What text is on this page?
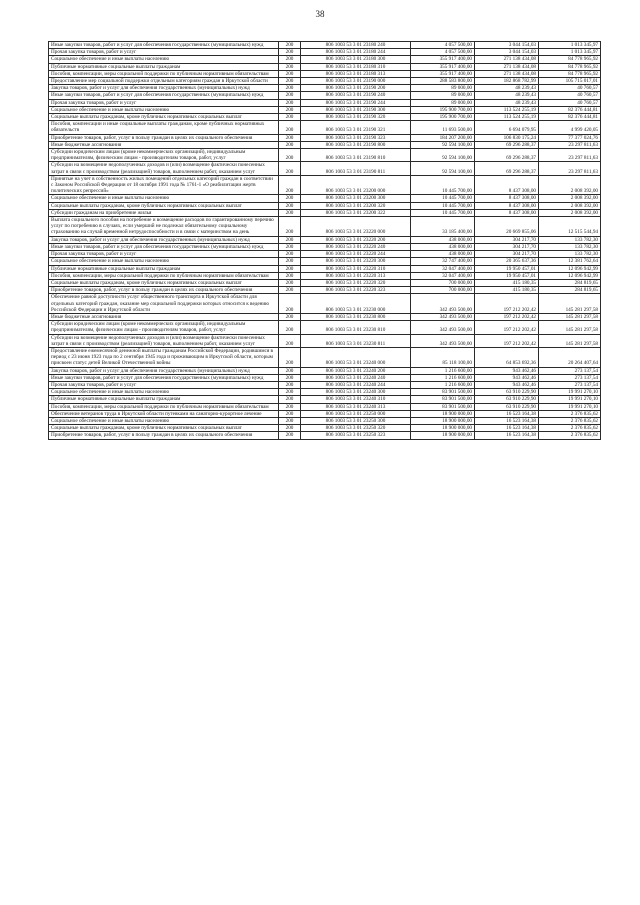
38
Иные закупки товаров, работ и услуг для обеспечения государственных (муниципальных) нужд	200	806 1003 53 3 01 23180 240	4 057 500,00	3 044 154,03	1 013 345,97
Прочая закупка товаров, работ и услуг	200	806 1003 53 3 01 23180 244	4 057 500,00	3 044 154,03	1 013 345,97
Социальное обеспечение и иные выплаты населению	200	806 1003 53 3 01 23180 300	355 917 400,00	271 138 434,08	84 778 965,92
Публичные нормативные социальные выплаты гражданам	200	806 1003 53 3 01 23180 310	355 917 400,00	271 138 434,08	84 778 965,92
Пособия, компенсации, меры социальной поддержки по публичным нормативным обязательствам	200	806 1003 53 3 01 23180 313	355 917 400,00	271 138 434,08	84 778 965,92
Предоставление мер социальной поддержки отдельным категориям граждан в Иркутской области	200	806 1003 53 3 01 23190 000	288 583 800,00	182 868 782,99	105 715 017,01
Закупка товаров, работ и услуг для обеспечения государственных (муниципальных) нужд	200	806 1003 53 3 01 23190 200	89 000,00	48 239,43	40 760,57
Иные закупки товаров, работ и услуг для обеспечения государственных (муниципальных) нужд	200	806 1003 53 3 01 23190 240	89 000,00	48 239,43	40 760,57
Прочая закупка товаров, работ и услуг	200	806 1003 53 3 01 23190 244	89 000,00	48 239,43	40 760,57
Социальное обеспечение и иные выплаты населению	200	806 1003 53 3 01 23190 300	195 900 700,00	113 524 255,19	82 376 444,81
Социальные выплаты гражданам, кроме публичных нормативных социальных выплат	200	806 1003 53 3 01 23190 320	195 900 700,00	113 524 255,19	82 376 444,81
Пособия, компенсации и иные социальные выплаты гражданам, кроме публичных нормативных обязательств	200	806 1003 53 3 01 23190 321	11 693 500,00	6 694 079,95	4 999 420,05
Приобретение товаров, работ, услуг в пользу граждан в целях их социального обеспечения	200	806 1003 53 3 01 23190 323	184 207 200,00	106 830 175,24	77 377 024,76
Иные бюджетные ассигнования	200	806 1003 53 3 01 23190 800	92 594 100,00	69 296 288,37	23 297 811,63
Субсидии юридическим лицам (кроме некоммерческих организаций), индивидуальным предпринимателям, физическим лицам - производителям товаров, работ, услуг	200	806 1003 53 3 01 23190 810	92 594 100,00	69 296 288,37	23 297 811,63
Субсидии на возмещение недополученных доходов и (или) возмещение фактически понесенных затрат в связи с производством (реализацией) товаров, выполнением работ, оказанием услуг	200	806 1003 53 3 01 23190 811	92 594 100,00	69 296 288,37	23 297 811,63
Принятые на учет в собственность жилых помещений отдельных категорий граждан в соответствии с Законом Российской Федерации от 18 октября 1991 года № 1761-1 «О реабилитации жертв политических репрессий»	200	806 1003 53 3 01 23200 000	10 445 700,00	8 437 308,00	2 008 392,00
Социальное обеспечение и иные выплаты населению	200	806 1003 53 3 01 23200 300	10 445 700,00	8 437 308,00	2 008 392,00
Социальные выплаты гражданам, кроме публичных нормативных социальных выплат	200	806 1003 53 3 01 23200 320	10 445 700,00	8 437 308,00	2 008 392,00
Субсидии гражданам на приобретение жилья	200	806 1003 53 3 01 23200 322	10 445 700,00	8 437 308,00	2 008 392,00
Выплата социального пособия на погребение и возмещение расходов по гарантированному перечню услуг по погребению в случаях, если умерший не подлежал обязательному социальному страхованию на случай временной нетрудоспособности и в связи с материнством на день	200	806 1003 53 3 01 23220 000	33 185 400,00	20 669 855,06	12 515 544,94
Закупка товаров, работ и услуг для обеспечения государственных (муниципальных) нужд	200	806 1003 53 3 01 23220 200	438 000,00	304 217,70	133 782,30
Иные закупки товаров, работ и услуг для обеспечения государственных (муниципальных) нужд	200	806 1003 53 3 01 23220 240	438 000,00	304 217,70	133 782,30
Прочая закупка товаров, работ и услуг	200	806 1003 53 3 01 23220 244	438 000,00	304 217,70	133 782,30
Социальное обеспечение и иные выплаты населению	200	806 1003 53 3 01 23220 300	32 747 400,00	20 365 637,36	12 381 762,64
Публичные нормативные социальные выплаты гражданам	200	806 1003 53 3 01 23220 310	32 047 400,00	19 950 457,01	12 096 942,99
Пособия, компенсации, меры социальной поддержки по публичным нормативным обязательствам	200	806 1003 53 3 01 23220 313	32 047 400,00	19 950 457,01	12 096 942,99
Социальные выплаты гражданам, кроме публичных нормативных социальных выплат	200	806 1003 53 3 01 23220 320	700 000,00	415 180,35	284 819,65
Приобретение товаров, работ, услуг в пользу граждан в целях их социального обеспечения	200	806 1003 53 3 01 23220 323	700 000,00	415 180,35	284 819,65
Обеспечение равной доступности услуг общественного транспорта в Иркутской области для отдельных категорий граждан, оказание мер социальной поддержки которых относится к ведению Российской Федерации и Иркутской области	200	806 1003 53 3 01 23230 000	342 493 500,00	197 212 202,42	145 281 297,58
Иные бюджетные ассигнования	200	806 1003 53 3 01 23230 800	342 493 500,00	197 212 202,42	145 281 297,58
Субсидии юридическим лицам (кроме некоммерческих организаций), индивидуальным предпринимателям, физическим лицам - производителям товаров, работ, услуг	200	806 1003 53 3 01 23230 810	342 493 500,00	197 212 202,42	145 281 297,58
Субсидии на возмещение недополученных доходов и (или) возмещение фактически понесенных затрат в связи с производством (реализацией) товаров, выполнением работ, оказанием услуг	200	806 1003 53 3 01 23230 811	342 493 500,00	197 212 202,42	145 281 297,58
Предоставление ежемесячной денежной выплаты гражданам Российской Федерации, родившимся в период с 23 июня 1923 года по 2 сентября 1945 года и проживающим в Иркутской области, которым присвоен статус детей Великой Отечественной войны	200	806 1003 53 3 01 23240 000	85 118 100,00	64 853 692,36	20 264 407,64
Закупка товаров, работ и услуг для обеспечения государственных (муниципальных) нужд	200	806 1003 53 3 01 23240 200	1 216 600,00	943 462,46	273 137,54
Иные закупки товаров, работ и услуг для обеспечения государственных (муниципальных) нужд	200	806 1003 53 3 01 23240 240	1 216 600,00	943 462,46	273 137,54
Прочая закупка товаров, работ и услуг	200	806 1003 53 3 01 23240 244	1 216 600,00	943 462,46	273 137,54
Социальное обеспечение и иные выплаты населению	200	806 1003 53 3 01 23240 300	83 901 500,00	63 910 229,90	19 991 270,10
Публичные нормативные социальные выплаты гражданам	200	806 1003 53 3 01 23240 310	83 901 500,00	63 910 229,90	19 991 270,10
Пособия, компенсации, меры социальной поддержки по публичным нормативным обязательствам	200	806 1003 53 3 01 23240 313	83 901 500,00	63 910 229,90	19 991 270,10
Обеспечение ветеранов труда в Иркутской области путевками на санаторно-курортное лечение	200	806 1003 53 3 01 23250 000	18 900 000,00	16 523 164,38	2 376 835,62
Социальное обеспечение и иные выплаты населению	200	806 1003 53 3 01 23250 300	18 900 000,00	16 523 164,38	2 376 835,62
Социальные выплаты гражданам, кроме публичных нормативных социальных выплат	200	806 1003 53 3 01 23250 320	18 900 000,00	16 523 164,38	2 376 835,62
Приобретение товаров, работ, услуг в пользу граждан в целях их социального обеспечения	200	806 1003 53 3 01 23250 323	18 900 000,00	16 523 164,38	2 376 835,62
